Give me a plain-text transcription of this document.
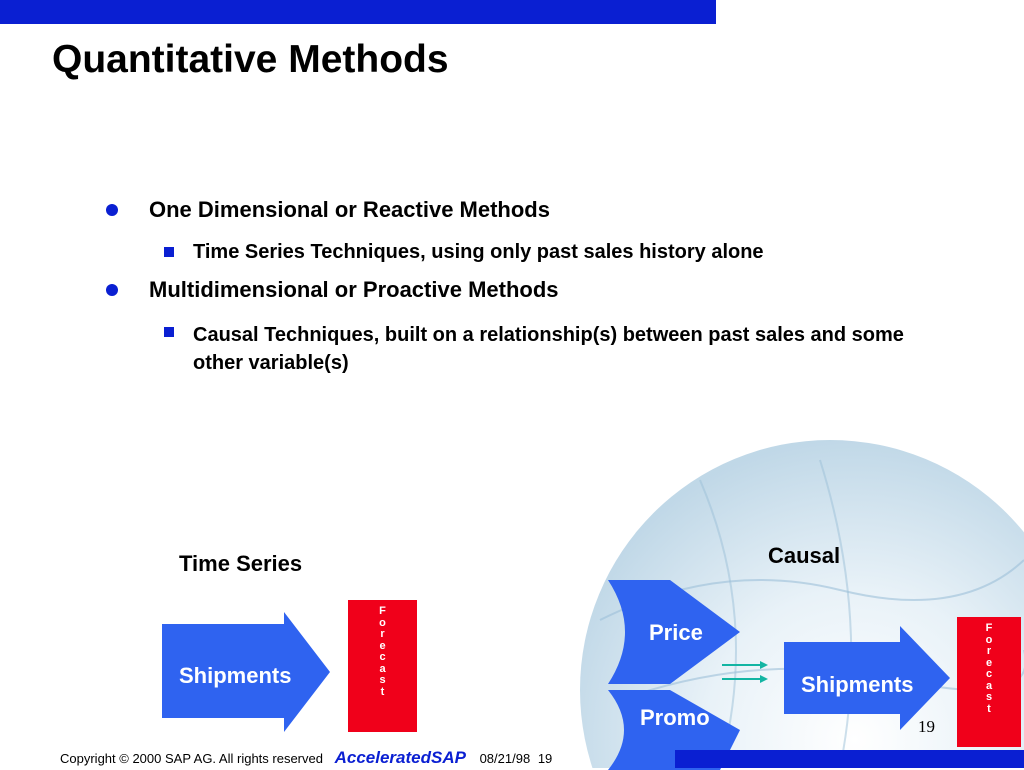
Quantitative Methods
One Dimensional or Reactive Methods
Time Series Techniques, using only past sales history alone
Multidimensional or Proactive Methods
Causal Techniques, built on a relationship(s) between past sales and some other variable(s)
Time Series
Shipments
F
o
r
e
c
a
s
t
Causal
Price
Promo
Shipments
F
o
r
e
c
a
s
t
19
Copyright © 2000 SAP AG. All rights reserved AcceleratedSAP 08/21/98 19
